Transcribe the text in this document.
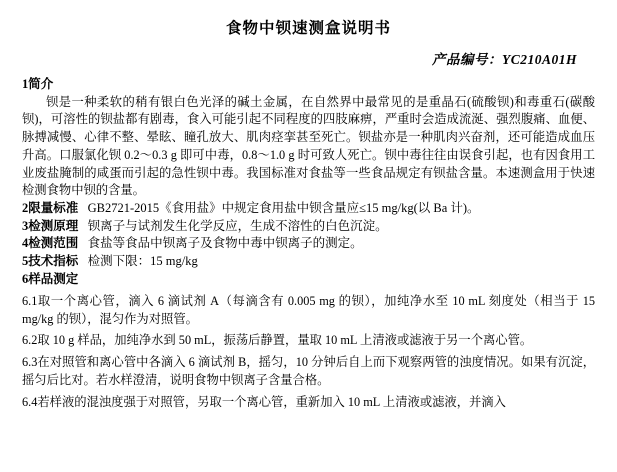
食物中钡速测盒说明书
产品编号：YC210A01H
1简介
钡是一种柔软的稍有银白色光泽的碱土金属，在自然界中最常见的是重晶石(硫酸钡)和毒重石(碳酸钡)，可溶性的钡盐都有剧毒，食入可能引起不同程度的四肢麻痹，严重时会造成流涎、强烈腹痛、血便、脉搏减慢、心律不整、晕眩、瞳孔放大、肌肉痉挛甚至死亡。钡盐亦是一种肌肉兴奋剂，还可能造成血压升高。口服氯化钡 0.2～0.3 g 即可中毒，0.8～1.0 g 时可致人死亡。钡中毒往往由误食引起，也有因食用工业废盐腌制的咸蛋而引起的急性钡中毒。我国标准对食盐等一些食品规定有钡盐含量。本速测盒用于快速检测食物中钡的含量。
2限量标准 GB2721-2015《食用盐》中规定食用盐中钡含量应≤15 mg/kg(以 Ba 计)。
3检测原理 钡离子与试剂发生化学反应，生成不溶性的白色沉淀。
4检测范围 食盐等食品中钡离子及食物中毒中钡离子的测定。
5技术指标 检测下限：15 mg/kg
6样品测定
6.1取一个离心管，滴入 6 滴试剂 A（每滴含有 0.005 mg 的钡），加纯净水至 10 mL 刻度处（相当于 15 mg/kg 的钡），混匀作为对照管。
6.2取 10 g 样品，加纯净水到 50 mL，振荡后静置，量取 10 mL 上清液或滤液于另一个离心管。
6.3在对照管和离心管中各滴入 6 滴试剂 B，摇匀，10 分钟后自上而下观察两管的浊度情况。如果有沉淀，摇匀后比对。若水样澄清，说明食物中钡离子含量合格。
6.4若样液的混浊度强于对照管，另取一个离心管，重新加入 10 mL 上清液或滤液，并滴入
